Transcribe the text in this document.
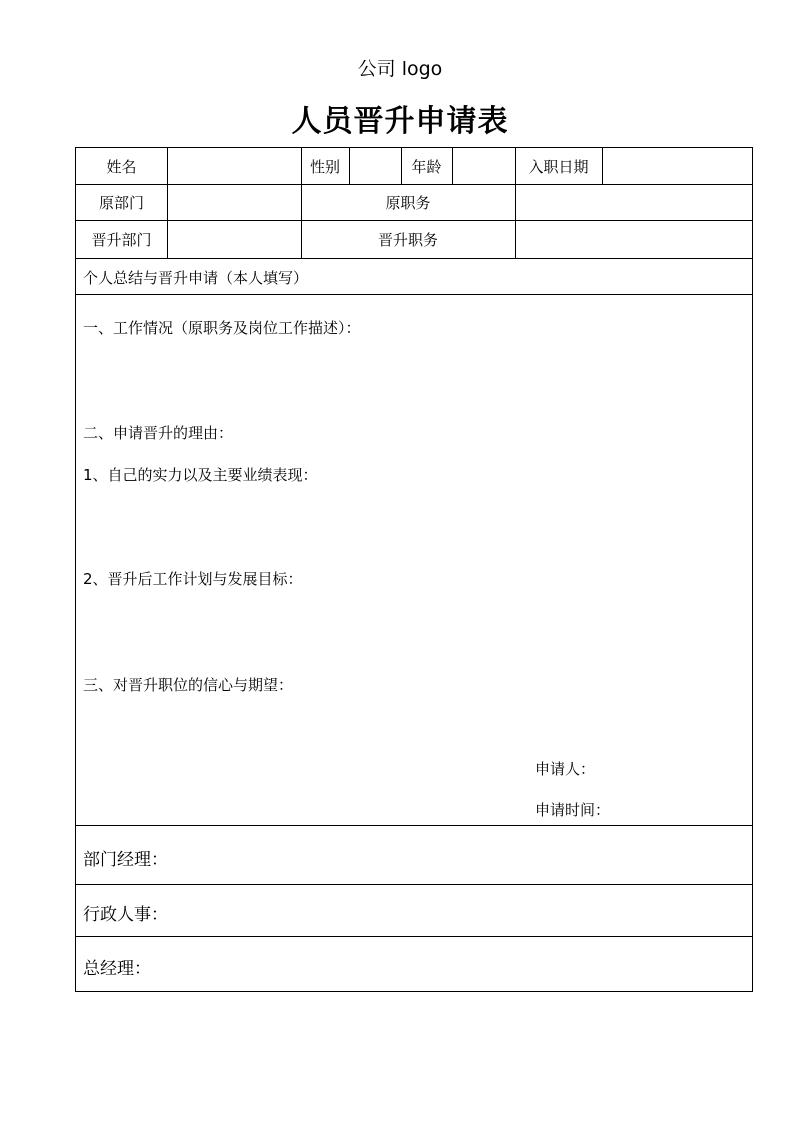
公司 logo
人员晋升申请表
姓名	性别	年龄	入职日期
原部门	原职务
晋升部门	晋升职务
个人总结与晋升申请（本人填写）
一、工作情况（原职务及岗位工作描述）：
二、申请晋升的理由：
1、自己的实力以及主要业绩表现：
2、晋升后工作计划与发展目标：
三、对晋升职位的信心与期望：
申请人：
申请时间：
部门经理：
行政人事：
总经理：
